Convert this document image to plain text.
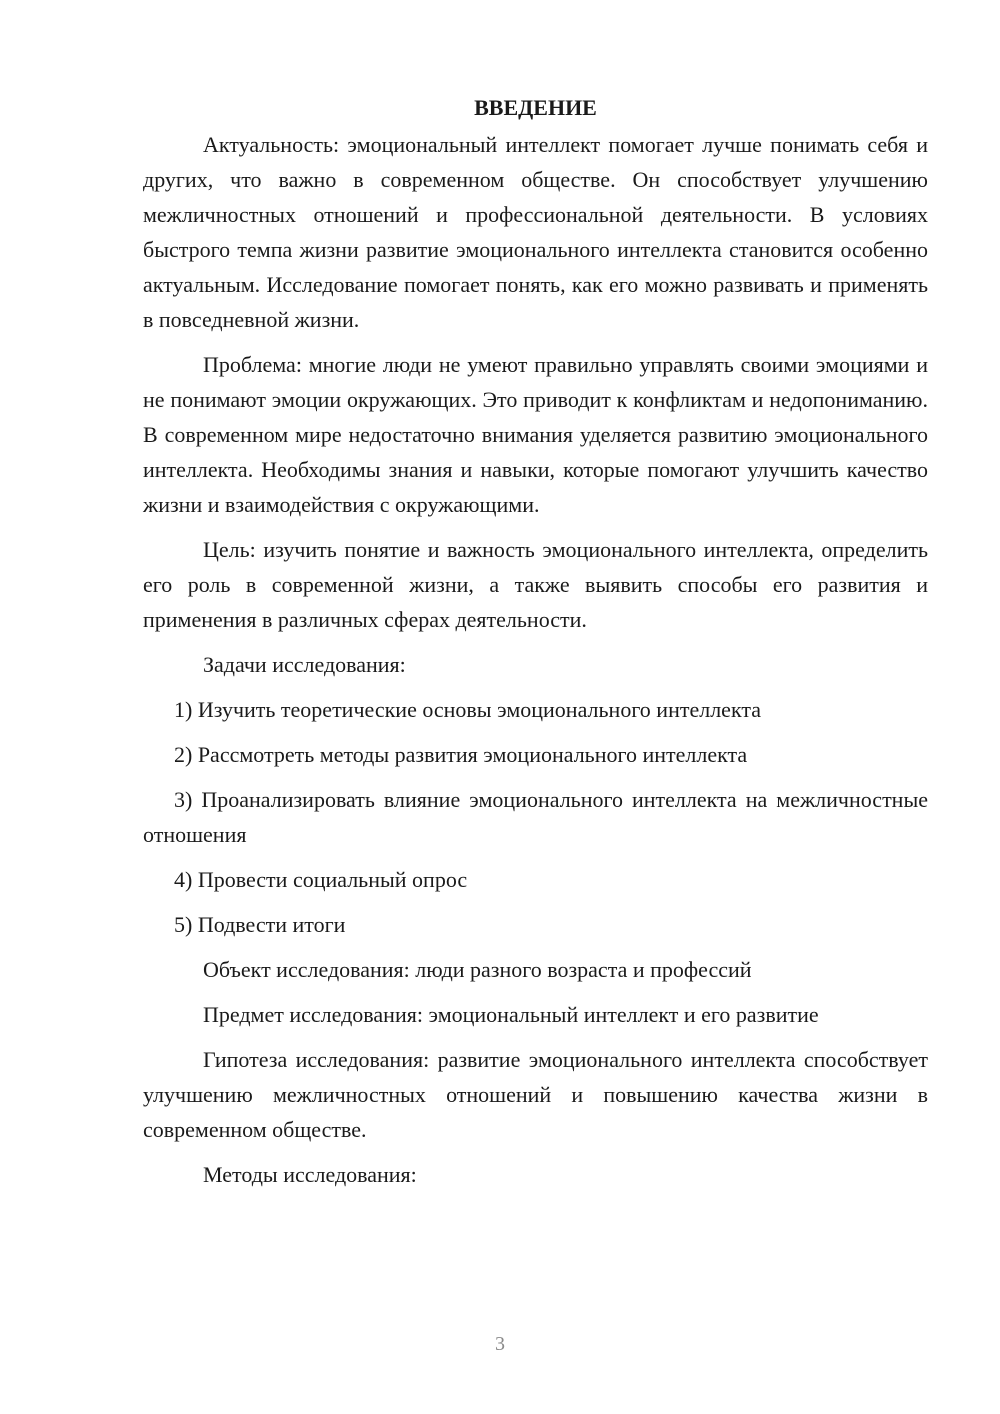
ВВЕДЕНИЕ

Актуальность: эмоциональный интеллект помогает лучше понимать себя и других, что важно в современном обществе. Он способствует улучшению межличностных отношений и профессиональной деятельности. В условиях быстрого темпа жизни развитие эмоционального интеллекта становится особенно актуальным. Исследование помогает понять, как его можно развивать и применять в повседневной жизни.

Проблема: многие люди не умеют правильно управлять своими эмоциями и не понимают эмоции окружающих. Это приводит к конфликтам и недопониманию. В современном мире недостаточно внимания уделяется развитию эмоционального интеллекта. Необходимы знания и навыки, которые помогают улучшить качество жизни и взаимодействия с окружающими.

Цель: изучить понятие и важность эмоционального интеллекта, определить его роль в современной жизни, а также выявить способы его развития и применения в различных сферах деятельности.

Задачи исследования:

1) Изучить теоретические основы эмоционального интеллекта

2) Рассмотреть методы развития эмоционального интеллекта

3) Проанализировать влияние эмоционального интеллекта на межличностные отношения

4) Провести социальный опрос

5) Подвести итоги

Объект исследования: люди разного возраста и профессий

Предмет исследования: эмоциональный интеллект и его развитие

Гипотеза исследования: развитие эмоционального интеллекта способствует улучшению межличностных отношений и повышению качества жизни в современном обществе.

Методы исследования:

3
